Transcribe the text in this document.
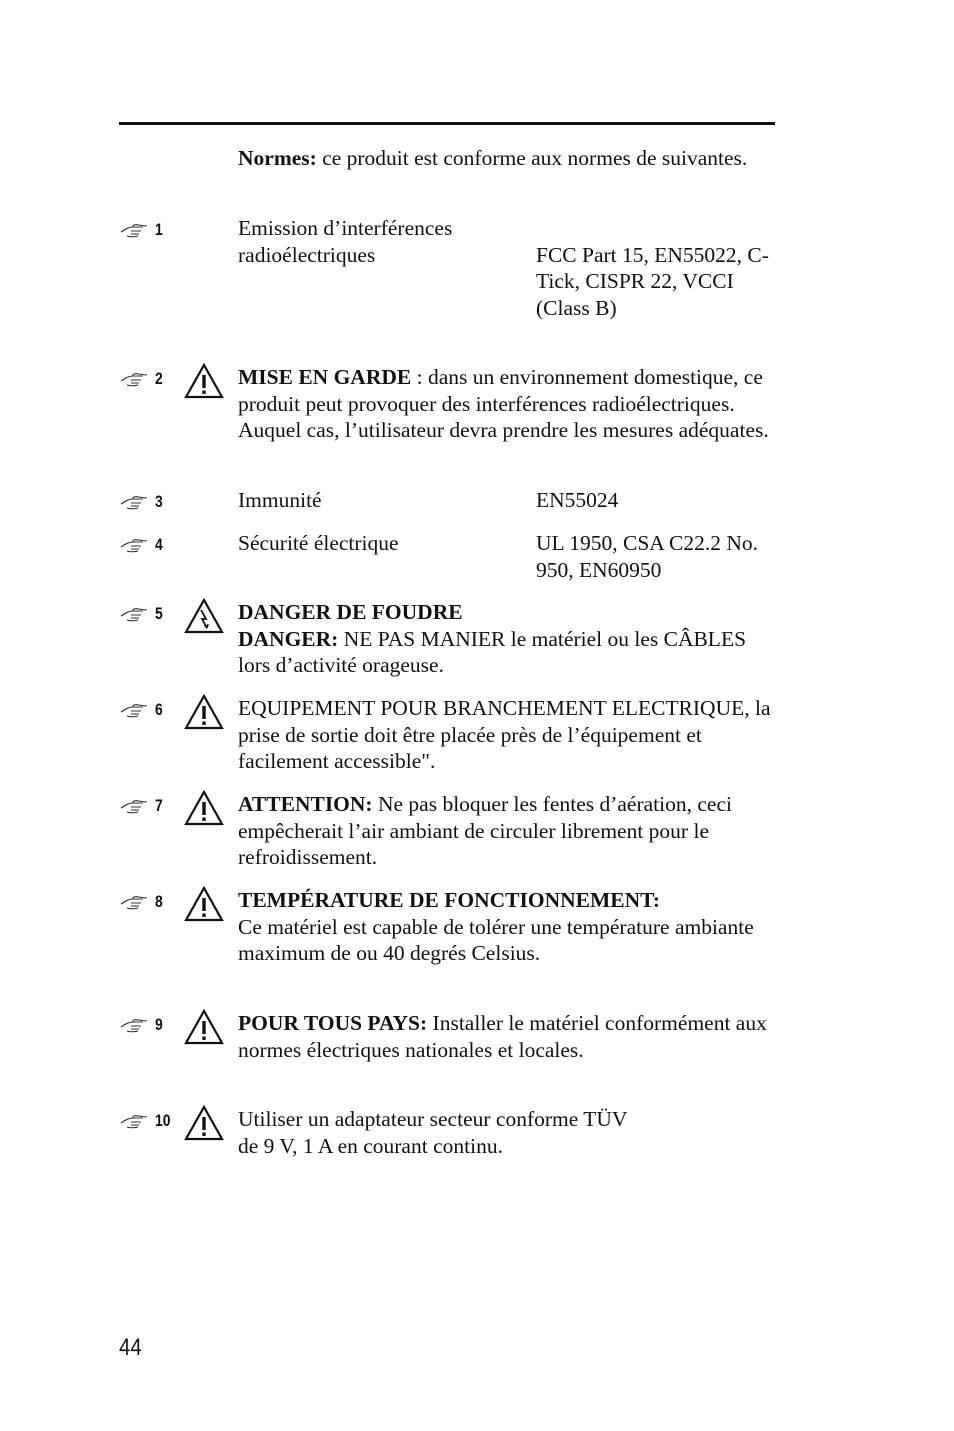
Normes: ce produit est conforme aux normes de suivantes.
1	Emission d’interférences
radioélectriques	FCC Part 15, EN55022, C-Tick, CISPR 22, VCCI (Class B)
2	MISE EN GARDE : dans un environnement domestique, ce produit peut provoquer des interférences radioélectriques. Auquel cas, l’utilisateur devra prendre les mesures adéquates.
3	Immunité	EN55024
4	Sécurité électrique	UL 1950, CSA C22.2 No. 950, EN60950
5	DANGER DE FOUDRE
DANGER: NE PAS MANIER le matériel ou les CÂBLES lors d’activité orageuse.
6	EQUIPEMENT POUR BRANCHEMENT ELECTRIQUE, la prise de sortie doit être placée près de l’équipement et facilement accessible".
7	ATTENTION: Ne pas bloquer les fentes d’aération, ceci empêcherait l’air ambiant de circuler librement pour le refroidissement.
8	TEMPÉRATURE DE FONCTIONNEMENT:
Ce matériel est capable de tolérer une température ambiante maximum de ou 40 degrés Celsius.
9	POUR TOUS PAYS: Installer le matériel conformément aux normes électriques nationales et locales.
10	Utiliser un adaptateur secteur conforme TÜV
de 9 V, 1 A en courant continu.
44
